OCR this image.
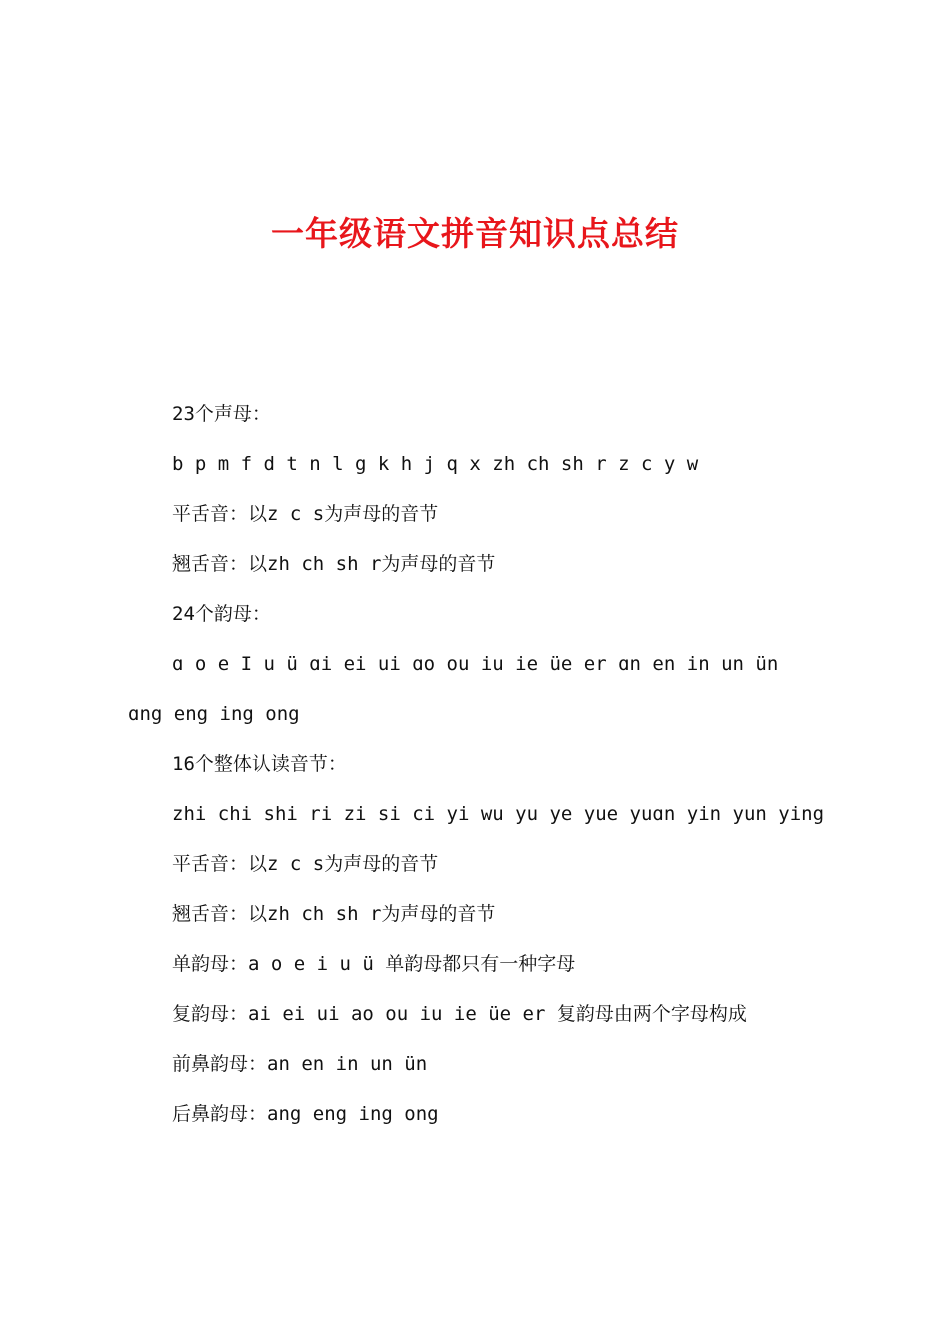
一年级语文拼音知识点总结
23个声母：
b p m f d t n l g k h j q x zh ch sh r z c y w
平舌音：以z c s为声母的音节
翘舌音：以zh ch sh r为声母的音节
24个韵母：
ɑ o e I u ü ɑi ei ui ɑo ou iu ie üe er ɑn en in un ün
ɑng eng ing ong
16个整体认读音节：
zhi chi shi ri zi si ci yi wu yu ye yue yuɑn yin yun ying
平舌音：以z c s为声母的音节
翘舌音：以zh ch sh r为声母的音节
单韵母：a o e i u ü 单韵母都只有一种字母
复韵母：ai ei ui ao ou iu ie üe er 复韵母由两个字母构成
前鼻韵母：an en in un ün
后鼻韵母：ang eng ing ong
